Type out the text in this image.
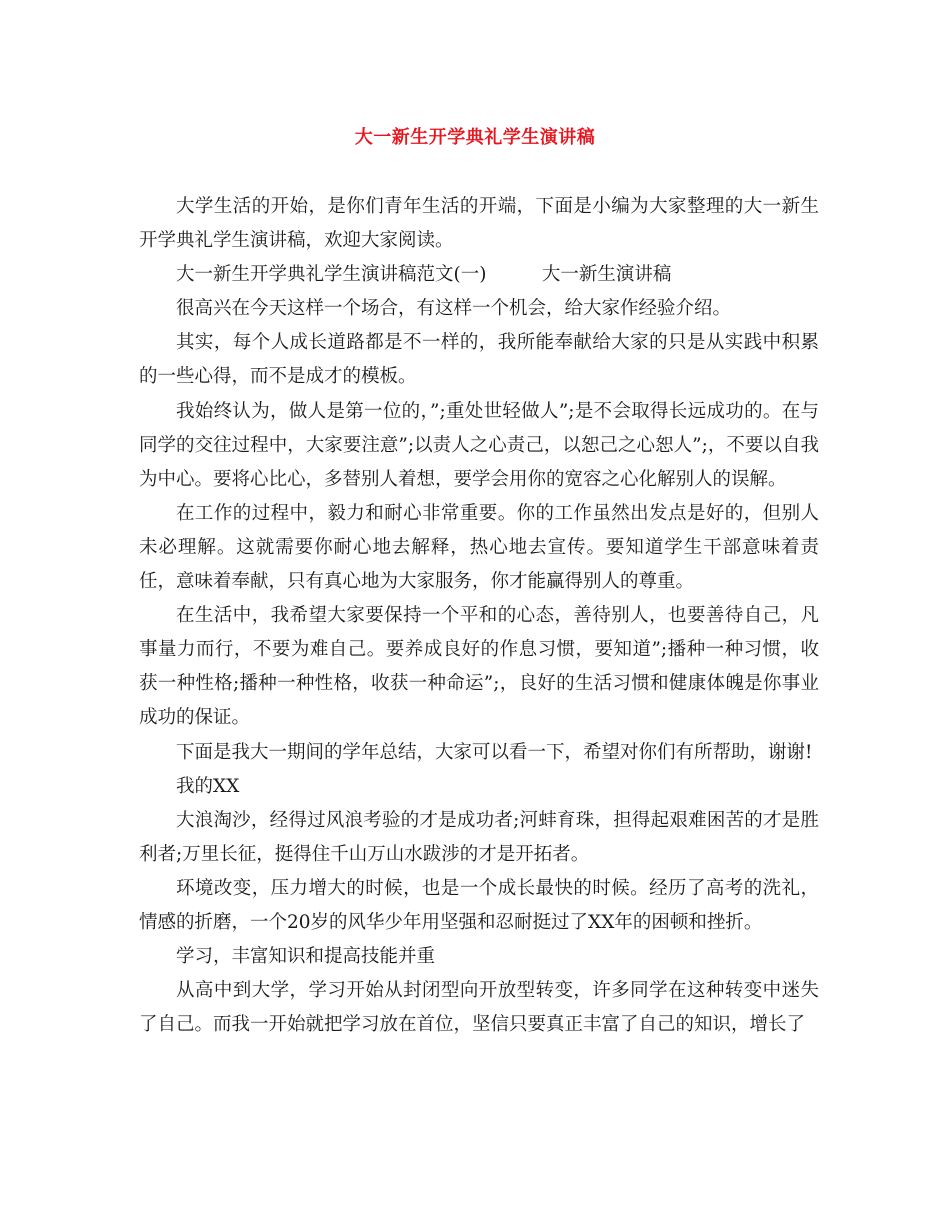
大一新生开学典礼学生演讲稿

大学生活的开始，是你们青年生活的开端，下面是小编为大家整理的大一新生开学典礼学生演讲稿，欢迎大家阅读。

大一新生开学典礼学生演讲稿范文(一)　　　大一新生演讲稿

很高兴在今天这样一个场合，有这样一个机会，给大家作经验介绍。

其实，每个人成长道路都是不一样的，我所能奉献给大家的只是从实践中积累的一些心得，而不是成才的模板。

我始终认为，做人是第一位的，”;重处世轻做人”;是不会取得长远成功的。在与同学的交往过程中，大家要注意”;以责人之心责己，以恕己之心恕人”;，不要以自我为中心。要将心比心，多替别人着想，要学会用你的宽容之心化解别人的误解。

在工作的过程中，毅力和耐心非常重要。你的工作虽然出发点是好的，但别人未必理解。这就需要你耐心地去解释，热心地去宣传。要知道学生干部意味着责任，意味着奉献，只有真心地为大家服务，你才能赢得别人的尊重。

在生活中，我希望大家要保持一个平和的心态，善待别人，也要善待自己，凡事量力而行，不要为难自己。要养成良好的作息习惯，要知道”;播种一种习惯，收获一种性格;播种一种性格，收获一种命运”;，良好的生活习惯和健康体魄是你事业成功的保证。

下面是我大一期间的学年总结，大家可以看一下，希望对你们有所帮助，谢谢!

我的XX

大浪淘沙，经得过风浪考验的才是成功者;河蚌育珠，担得起艰难困苦的才是胜利者;万里长征，挺得住千山万山水跋涉的才是开拓者。

环境改变，压力增大的时候，也是一个成长最快的时候。经历了高考的洗礼，情感的折磨，一个20岁的风华少年用坚强和忍耐挺过了XX年的困顿和挫折。

学习，丰富知识和提高技能并重

从高中到大学，学习开始从封闭型向开放型转变，许多同学在这种转变中迷失了自己。而我一开始就把学习放在首位，坚信只要真正丰富了自己的知识，增长了
